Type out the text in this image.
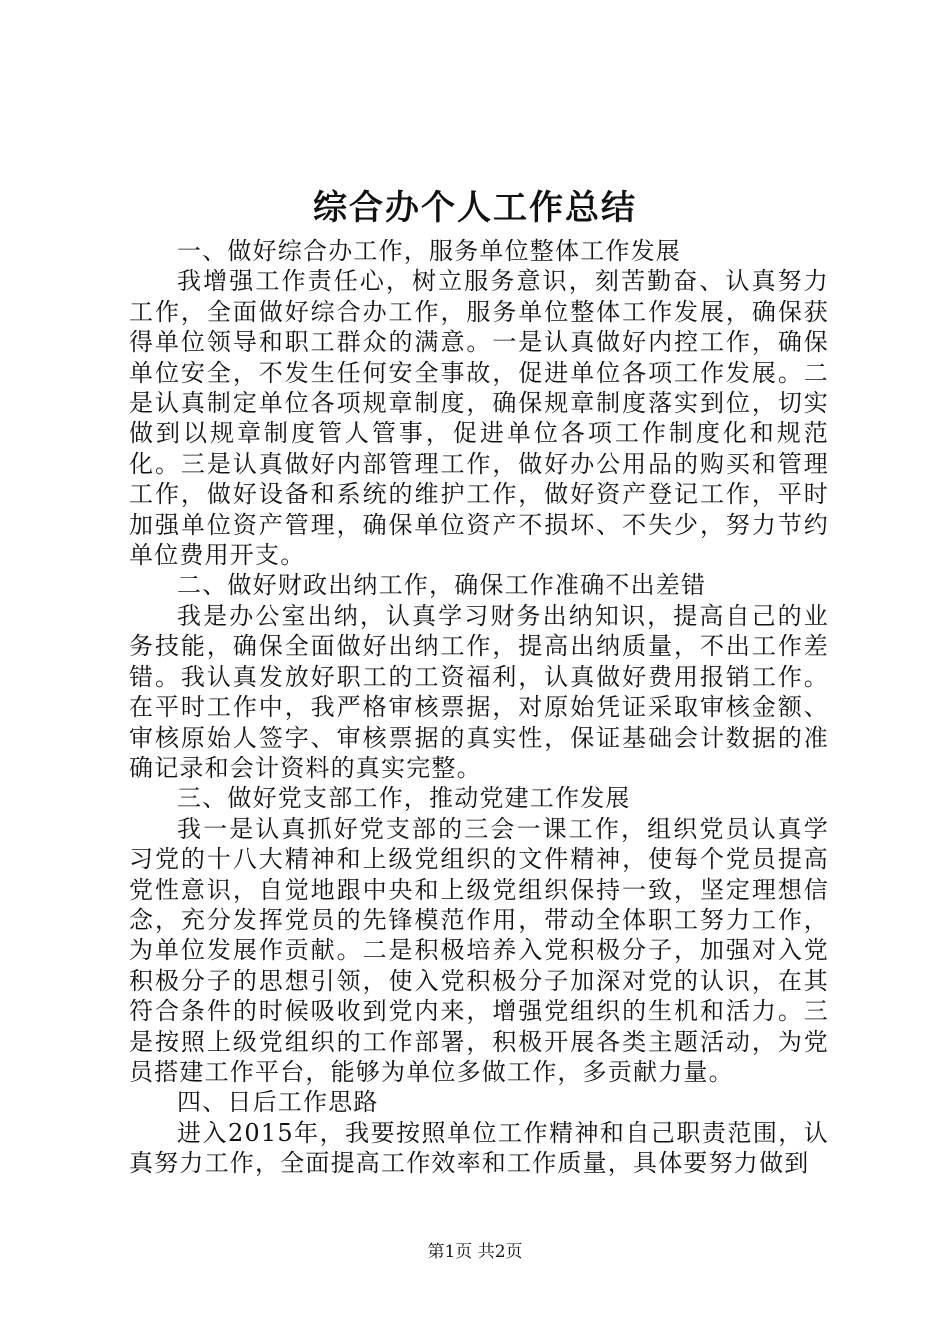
综合办个人工作总结

一、做好综合办工作，服务单位整体工作发展

我增强工作责任心，树立服务意识，刻苦勤奋、认真努力工作，全面做好综合办工作，服务单位整体工作发展，确保获得单位领导和职工群众的满意。一是认真做好内控工作，确保单位安全，不发生任何安全事故，促进单位各项工作发展。二是认真制定单位各项规章制度，确保规章制度落实到位，切实做到以规章制度管人管事，促进单位各项工作制度化和规范化。三是认真做好内部管理工作，做好办公用品的购买和管理工作，做好设备和系统的维护工作，做好资产登记工作，平时加强单位资产管理，确保单位资产不损坏、不失少，努力节约单位费用开支。

二、做好财政出纳工作，确保工作准确不出差错

我是办公室出纳，认真学习财务出纳知识，提高自己的业务技能，确保全面做好出纳工作，提高出纳质量，不出工作差错。我认真发放好职工的工资福利，认真做好费用报销工作。在平时工作中，我严格审核票据，对原始凭证采取审核金额、审核原始人签字、审核票据的真实性，保证基础会计数据的准确记录和会计资料的真实完整。

三、做好党支部工作，推动党建工作发展

我一是认真抓好党支部的三会一课工作，组织党员认真学习党的十八大精神和上级党组织的文件精神，使每个党员提高党性意识，自觉地跟中央和上级党组织保持一致，坚定理想信念，充分发挥党员的先锋模范作用，带动全体职工努力工作，为单位发展作贡献。二是积极培养入党积极分子，加强对入党积极分子的思想引领，使入党积极分子加深对党的认识，在其符合条件的时候吸收到党内来，增强党组织的生机和活力。三是按照上级党组织的工作部署，积极开展各类主题活动，为党员搭建工作平台，能够为单位多做工作，多贡献力量。

四、日后工作思路

进入2015年，我要按照单位工作精神和自己职责范围，认真努力工作，全面提高工作效率和工作质量，具体要努力做到

第1页 共2页
